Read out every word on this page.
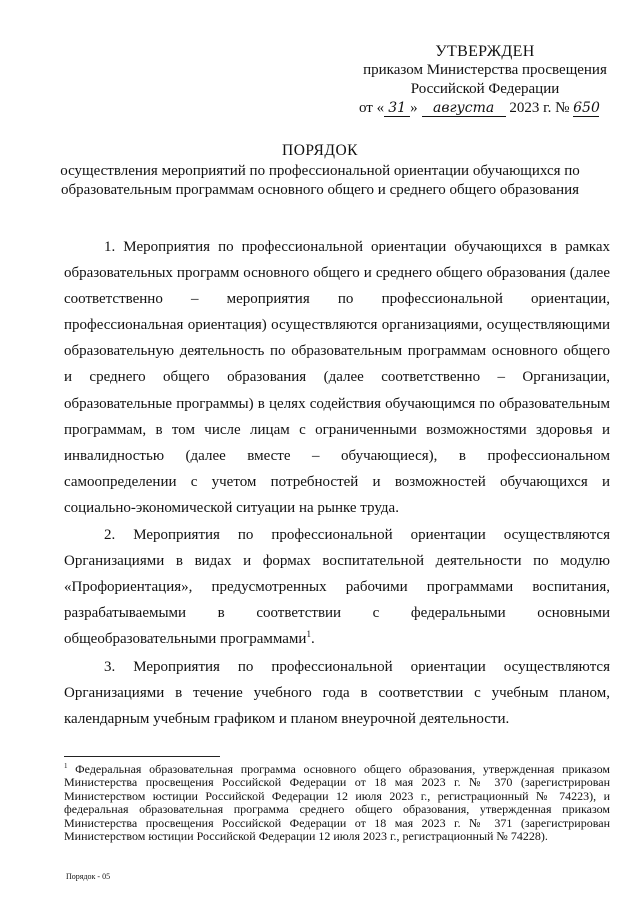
УТВЕРЖДЕН
приказом Министерства просвещения
Российской Федерации
от « 31 » августа 2023 г. № 650
ПОРЯДОК
осуществления мероприятий по профессиональной ориентации обучающихся по образовательным программам основного общего и среднего общего образования

1. Мероприятия по профессиональной ориентации обучающихся в рамках образовательных программ основного общего и среднего общего образования (далее соответственно – мероприятия по профессиональной ориентации, профессиональная ориентация) осуществляются организациями, осуществляющими образовательную деятельность по образовательным программам основного общего и среднего общего образования (далее соответственно – Организации, образовательные программы) в целях содействия обучающимся по образовательным программам, в том числе лицам с ограниченными возможностями здоровья и инвалидностью (далее вместе – обучающиеся), в профессиональном самоопределении с учетом потребностей и возможностей обучающихся и социально-экономической ситуации на рынке труда.

2. Мероприятия по профессиональной ориентации осуществляются Организациями в видах и формах воспитательной деятельности по модулю «Профориентация», предусмотренных рабочими программами воспитания, разрабатываемыми в соответствии с федеральными основными общеобразовательными программами$^1$.

3. Мероприятия по профессиональной ориентации осуществляются Организациями в течение учебного года в соответствии с учебным планом, календарным учебным графиком и планом внеурочной деятельности.

$^1$ Федеральная образовательная программа основного общего образования, утвержденная приказом Министерства просвещения Российской Федерации от 18 мая 2023 г. № 370 (зарегистрирован Министерством юстиции Российской Федерации 12 июля 2023 г., регистрационный № 74223), и федеральная образовательная программа среднего общего образования, утвержденная приказом Министерства просвещения Российской Федерации от 18 мая 2023 г. № 371 (зарегистрирован Министерством юстиции Российской Федерации 12 июля 2023 г., регистрационный № 74228).
Порядок - 05
